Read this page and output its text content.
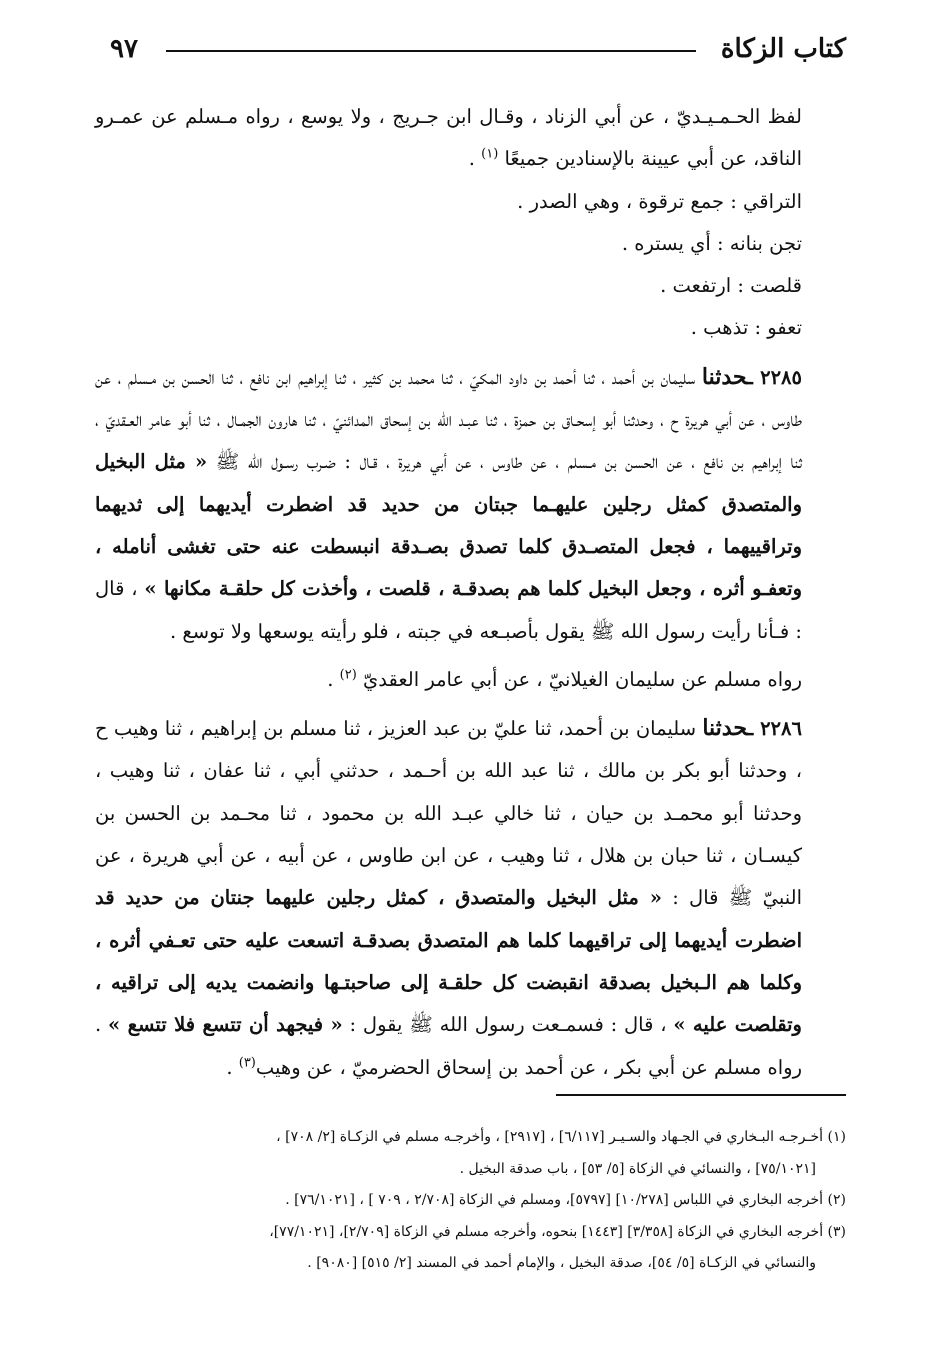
كتاب الزكاة
٩٧

لفظ الحـمـيـديّ ، عن أبي الزناد ، وقـال ابن جـريج ، ولا يوسع ، رواه مـسلم عن عمـرو الناقد، عن أبي عيينة بالإسنادين جميعًا $^{(١)}$ .

التراقي : جمع ترقوة ، وهي الصدر .

تجن بنانه : أي يستره .

قلصت : ارتفعت .

تعفو : تذهب .

٢٢٨٥ ـحدثنا سليمان بن أحمد ، ثنا أحمد بن داود المكيّ ، ثنا محمد بن كثير ، ثنا إبراهيم ابن نافع ، ثنا الحسن بن مـسلم ، عن طاوس ، عن أبي هريرة ح ، وحدثنا أبو إسحـاق بن حمزة ، ثنا عبـد الله بن إسحاق المدائنيّ ، ثنا هارون الجمـال ، ثنا أبو عامر العـقديّ ، ثنا إبراهيم بن نافع ، عن الحسن بن مـسلم ، عن طاوس ، عن أبي هريرة ، قـال : ضـرب رسـول الله ﷺ « مثل البخيل والمتصدق كمثل رجلين عليهـما جبتان من حديد قد اضطرت أيديهما إلى ثديهما وتراقييهما ، فجعل المتصـدق كلما تصدق بصـدقة انبسطت عنه حتى تغشى أنامله ، وتعفـو أثره ، وجعل البخيل كلما هم بصدقـة ، قلصت ، وأخذت كل حلقـة مكانها » ، قال : فـأنا رأيت رسول الله ﷺ يقول بأصبـعه في جبته ، فلو رأيته يوسعها ولا توسع .

رواه مسلم عن سليمان الغيلانيّ ، عن أبي عامر العقديّ $^{(٢)}$ .

٢٢٨٦ ـحدثنا سليمان بن أحمد، ثنا عليّ بن عبد العزيز ، ثنا مسلم بن إبراهيم ، ثنا وهيب ح ، وحدثنا أبو بكر بن مالك ، ثنا عبد الله بن أحـمد ، حدثني أبي ، ثنا عفان ، ثنا وهيب ، وحدثنا أبو محمـد بن حيان ، ثنا خالي عبـد الله بن محمود ، ثنا محـمد بن الحسن بن كيسـان ، ثنا حبان بن هلال ، ثنا وهيب ، عن ابن طاوس ، عن أبيه ، عن أبي هريرة ، عن النبيّ ﷺ قال : « مثل البخيل والمتصدق ، كمثل رجلين عليهما جنتان من حديد قد اضطرت أيديهما إلى تراقيهما كلما هم المتصدق بصدقـة اتسعت عليه حتى تعـفي أثره ، وكلما هم الـبخيل بصدقة انقبضت كل حلقـة إلى صاحبتـها وانضمت يديه إلى تراقيه ، وتقلصت عليه » ، قال : فسمـعت رسول الله ﷺ يقول : « فيجهد أن تتسع فلا تتسع » . رواه مسلم عن أبي بكر ، عن أحمد بن إسحاق الحضرميّ ، عن وهيب$^{(٣)}$ .

(١) أخـرجـه البـخاري في الجـهاد والسـيـر [٦/١١٧] ، [٢٩١٧] ، وأخرجـه مسلم في الزكـاة [٢/ ٧٠٨] ،

[٧٥/١٠٢١] ، والنسائي في الزكاة [٥/ ٥٣] ، باب صدقة البخيل .

(٢) أخرجه البخاري في اللباس [١٠/٢٧٨] [٥٧٩٧]، ومسلم في الزكاة [٢/٧٠٨ ، ٧٠٩ ] ، [٧٦/١٠٢١] .

(٣) أخرجه البخاري في الزكاة [٣/٣٥٨] [١٤٤٣] بنحوه، وأخرجه مسلم في الزكاة [٢/٧٠٩]، [٧٧/١٠٢١]،

والنسائي في الزكـاة [٥/ ٥٤]، صدقة البخيل ، والإمام أحمد في المسند [٢/ ٥١٥] [٩٠٨٠] .
